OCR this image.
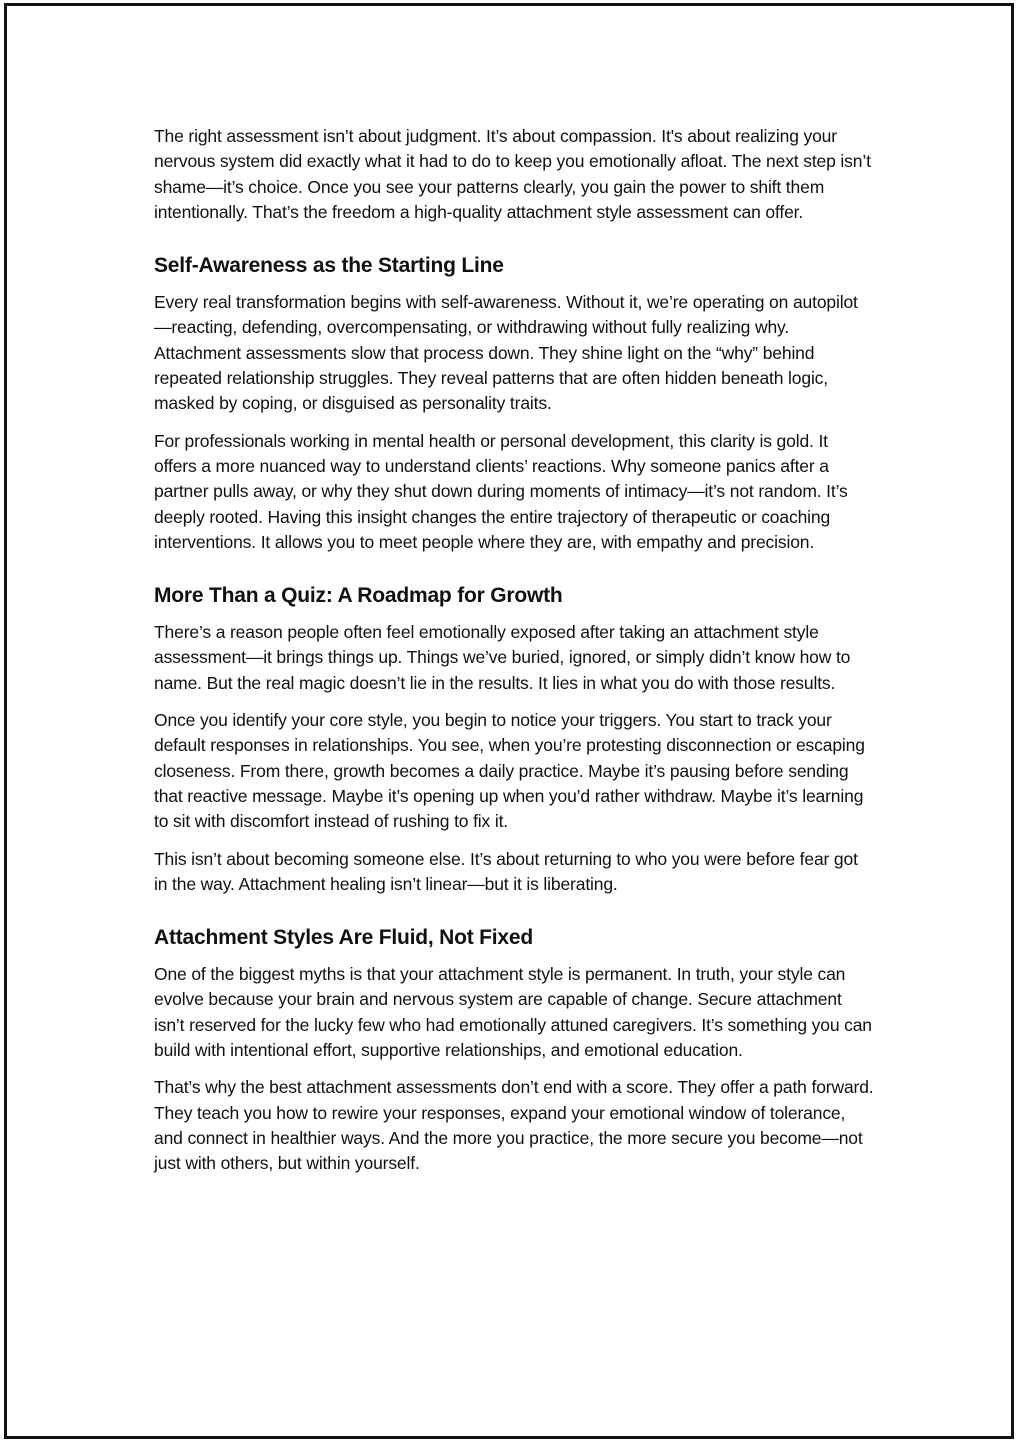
The right assessment isn’t about judgment. It’s about compassion. It's about realizing your nervous system did exactly what it had to do to keep you emotionally afloat. The next step isn’t shame—it’s choice. Once you see your patterns clearly, you gain the power to shift them intentionally. That’s the freedom a high-quality attachment style assessment can offer.

Self-Awareness as the Starting Line

Every real transformation begins with self-awareness. Without it, we’re operating on autopilot—reacting, defending, overcompensating, or withdrawing without fully realizing why. Attachment assessments slow that process down. They shine light on the “why” behind repeated relationship struggles. They reveal patterns that are often hidden beneath logic, masked by coping, or disguised as personality traits.

For professionals working in mental health or personal development, this clarity is gold. It offers a more nuanced way to understand clients’ reactions. Why someone panics after a partner pulls away, or why they shut down during moments of intimacy—it’s not random. It’s deeply rooted. Having this insight changes the entire trajectory of therapeutic or coaching interventions. It allows you to meet people where they are, with empathy and precision.

More Than a Quiz: A Roadmap for Growth

There’s a reason people often feel emotionally exposed after taking an attachment style assessment—it brings things up. Things we’ve buried, ignored, or simply didn’t know how to name. But the real magic doesn’t lie in the results. It lies in what you do with those results.

Once you identify your core style, you begin to notice your triggers. You start to track your default responses in relationships. You see, when you’re protesting disconnection or escaping closeness. From there, growth becomes a daily practice. Maybe it’s pausing before sending that reactive message. Maybe it’s opening up when you’d rather withdraw. Maybe it’s learning to sit with discomfort instead of rushing to fix it.

This isn’t about becoming someone else. It’s about returning to who you were before fear got in the way. Attachment healing isn’t linear—but it is liberating.

Attachment Styles Are Fluid, Not Fixed

One of the biggest myths is that your attachment style is permanent. In truth, your style can evolve because your brain and nervous system are capable of change. Secure attachment isn’t reserved for the lucky few who had emotionally attuned caregivers. It’s something you can build with intentional effort, supportive relationships, and emotional education.

That’s why the best attachment assessments don’t end with a score. They offer a path forward. They teach you how to rewire your responses, expand your emotional window of tolerance, and connect in healthier ways. And the more you practice, the more secure you become—not just with others, but within yourself.
